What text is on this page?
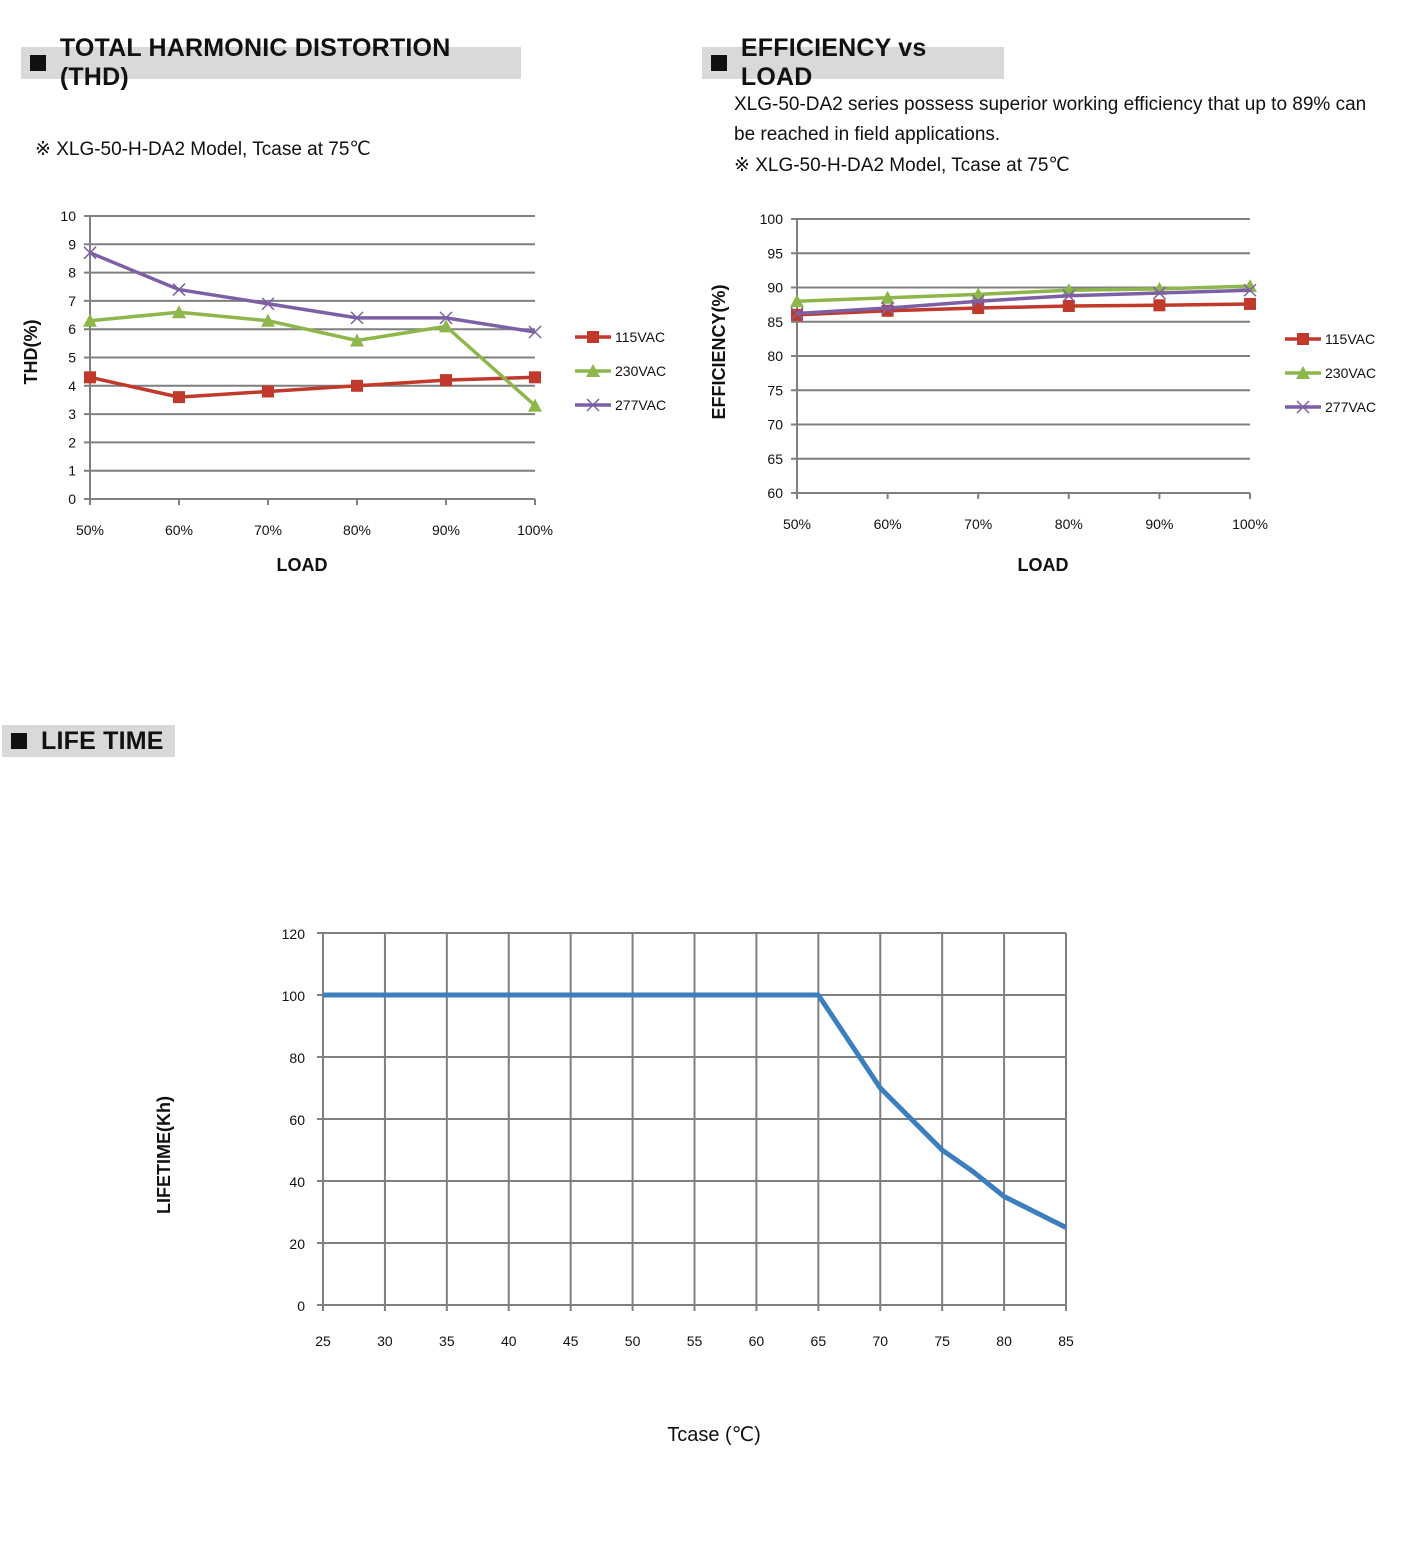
TOTAL HARMONIC DISTORTION (THD)
※ XLG-50-H-DA2 Model, Tcase at 75℃
EFFICIENCY vs LOAD
XLG-50-DA2 series possess superior working efficiency that up to 89% can
be reached in field applications.
※ XLG-50-H-DA2 Model, Tcase at 75℃
LIFE TIME
0
1
2
3
4
5
6
7
8
9
10
50%	60%	70%	80%	90%	100%
115VAC
230VAC
277VAC
LOAD
THD(%)
60
65
70
75
80
85
90
95
100
50%	60%	70%	80%	90%	100%
115VAC
230VAC
277VAC
LOAD
EFFICIENCY(%)
0
20
40
60
80
100
120
25	30	35	40	45	50	55	60	65	70	75	80	85
Tcase (℃)
LIFETIME(Kh)
